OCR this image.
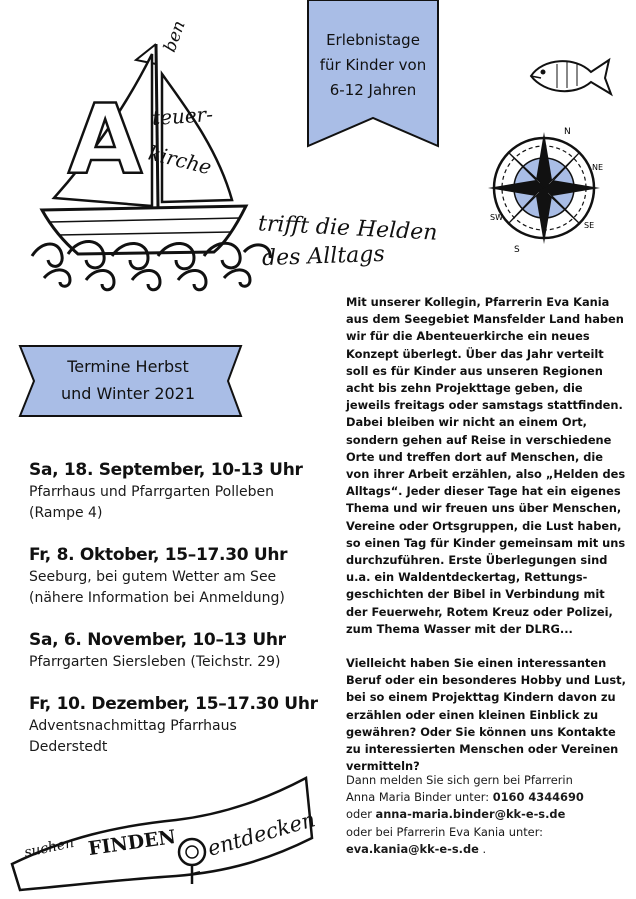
Erlebnistage
für Kinder von
6-12 Jahren
ben
A teuer-
kirche
trifft die Helden
des Alltags
N
NE
SE
S
SW
Termine Herbst
und Winter 2021
Sa, 18. September, 10-13 Uhr
Pfarrhaus und Pfarrgarten Polleben
(Rampe 4)
Fr, 8. Oktober, 15–17.30 Uhr
Seeburg, bei gutem Wetter am See
(nähere Information bei Anmeldung)
Sa, 6. November, 10–13 Uhr
Pfarrgarten Siersleben (Teichstr. 29)
Fr, 10. Dezember, 15–17.30 Uhr
Adventsnachmittag Pfarrhaus
Dederstedt

Mit unserer Kollegin, Pfarrerin Eva Kania aus dem Seegebiet Mansfelder Land haben wir für die Abenteuerkirche ein neues Konzept überlegt. Über das Jahr verteilt soll es für Kinder aus unseren Regionen acht bis zehn Projekttage geben, die jeweils freitags oder samstags stattfinden. Dabei bleiben wir nicht an einem Ort, sondern gehen auf Reise in verschiedene Orte und treffen dort auf Menschen, die von ihrer Arbeit erzählen, also „Helden des Alltags“. Jeder dieser Tage hat ein eigenes Thema und wir freuen uns über Menschen, Vereine oder Ortsgruppen, die Lust haben, so einen Tag für Kinder gemeinsam mit uns durchzuführen. Erste Überlegungen sind u.a. ein Waldentdeckertag, Rettungs-geschichten der Bibel in Verbindung mit der Feuerwehr, Rotem Kreuz oder Polizei, zum Thema Wasser mit der DLRG...

Vielleicht haben Sie einen interessanten Beruf oder ein besonderes Hobby und Lust, bei so einem Projekttag Kindern davon zu erzählen oder einen kleinen Einblick zu gewähren? Oder Sie können uns Kontakte zu interessierten Menschen oder Vereinen vermitteln?

Dann melden Sie sich gern bei Pfarrerin
Anna Maria Binder unter: 0160 4344690
oder anna-maria.binder@kk-e-s.de
oder bei Pfarrerin Eva Kania unter:
eva.kania@kk-e-s.de .
suchen FINDEN entdecken
